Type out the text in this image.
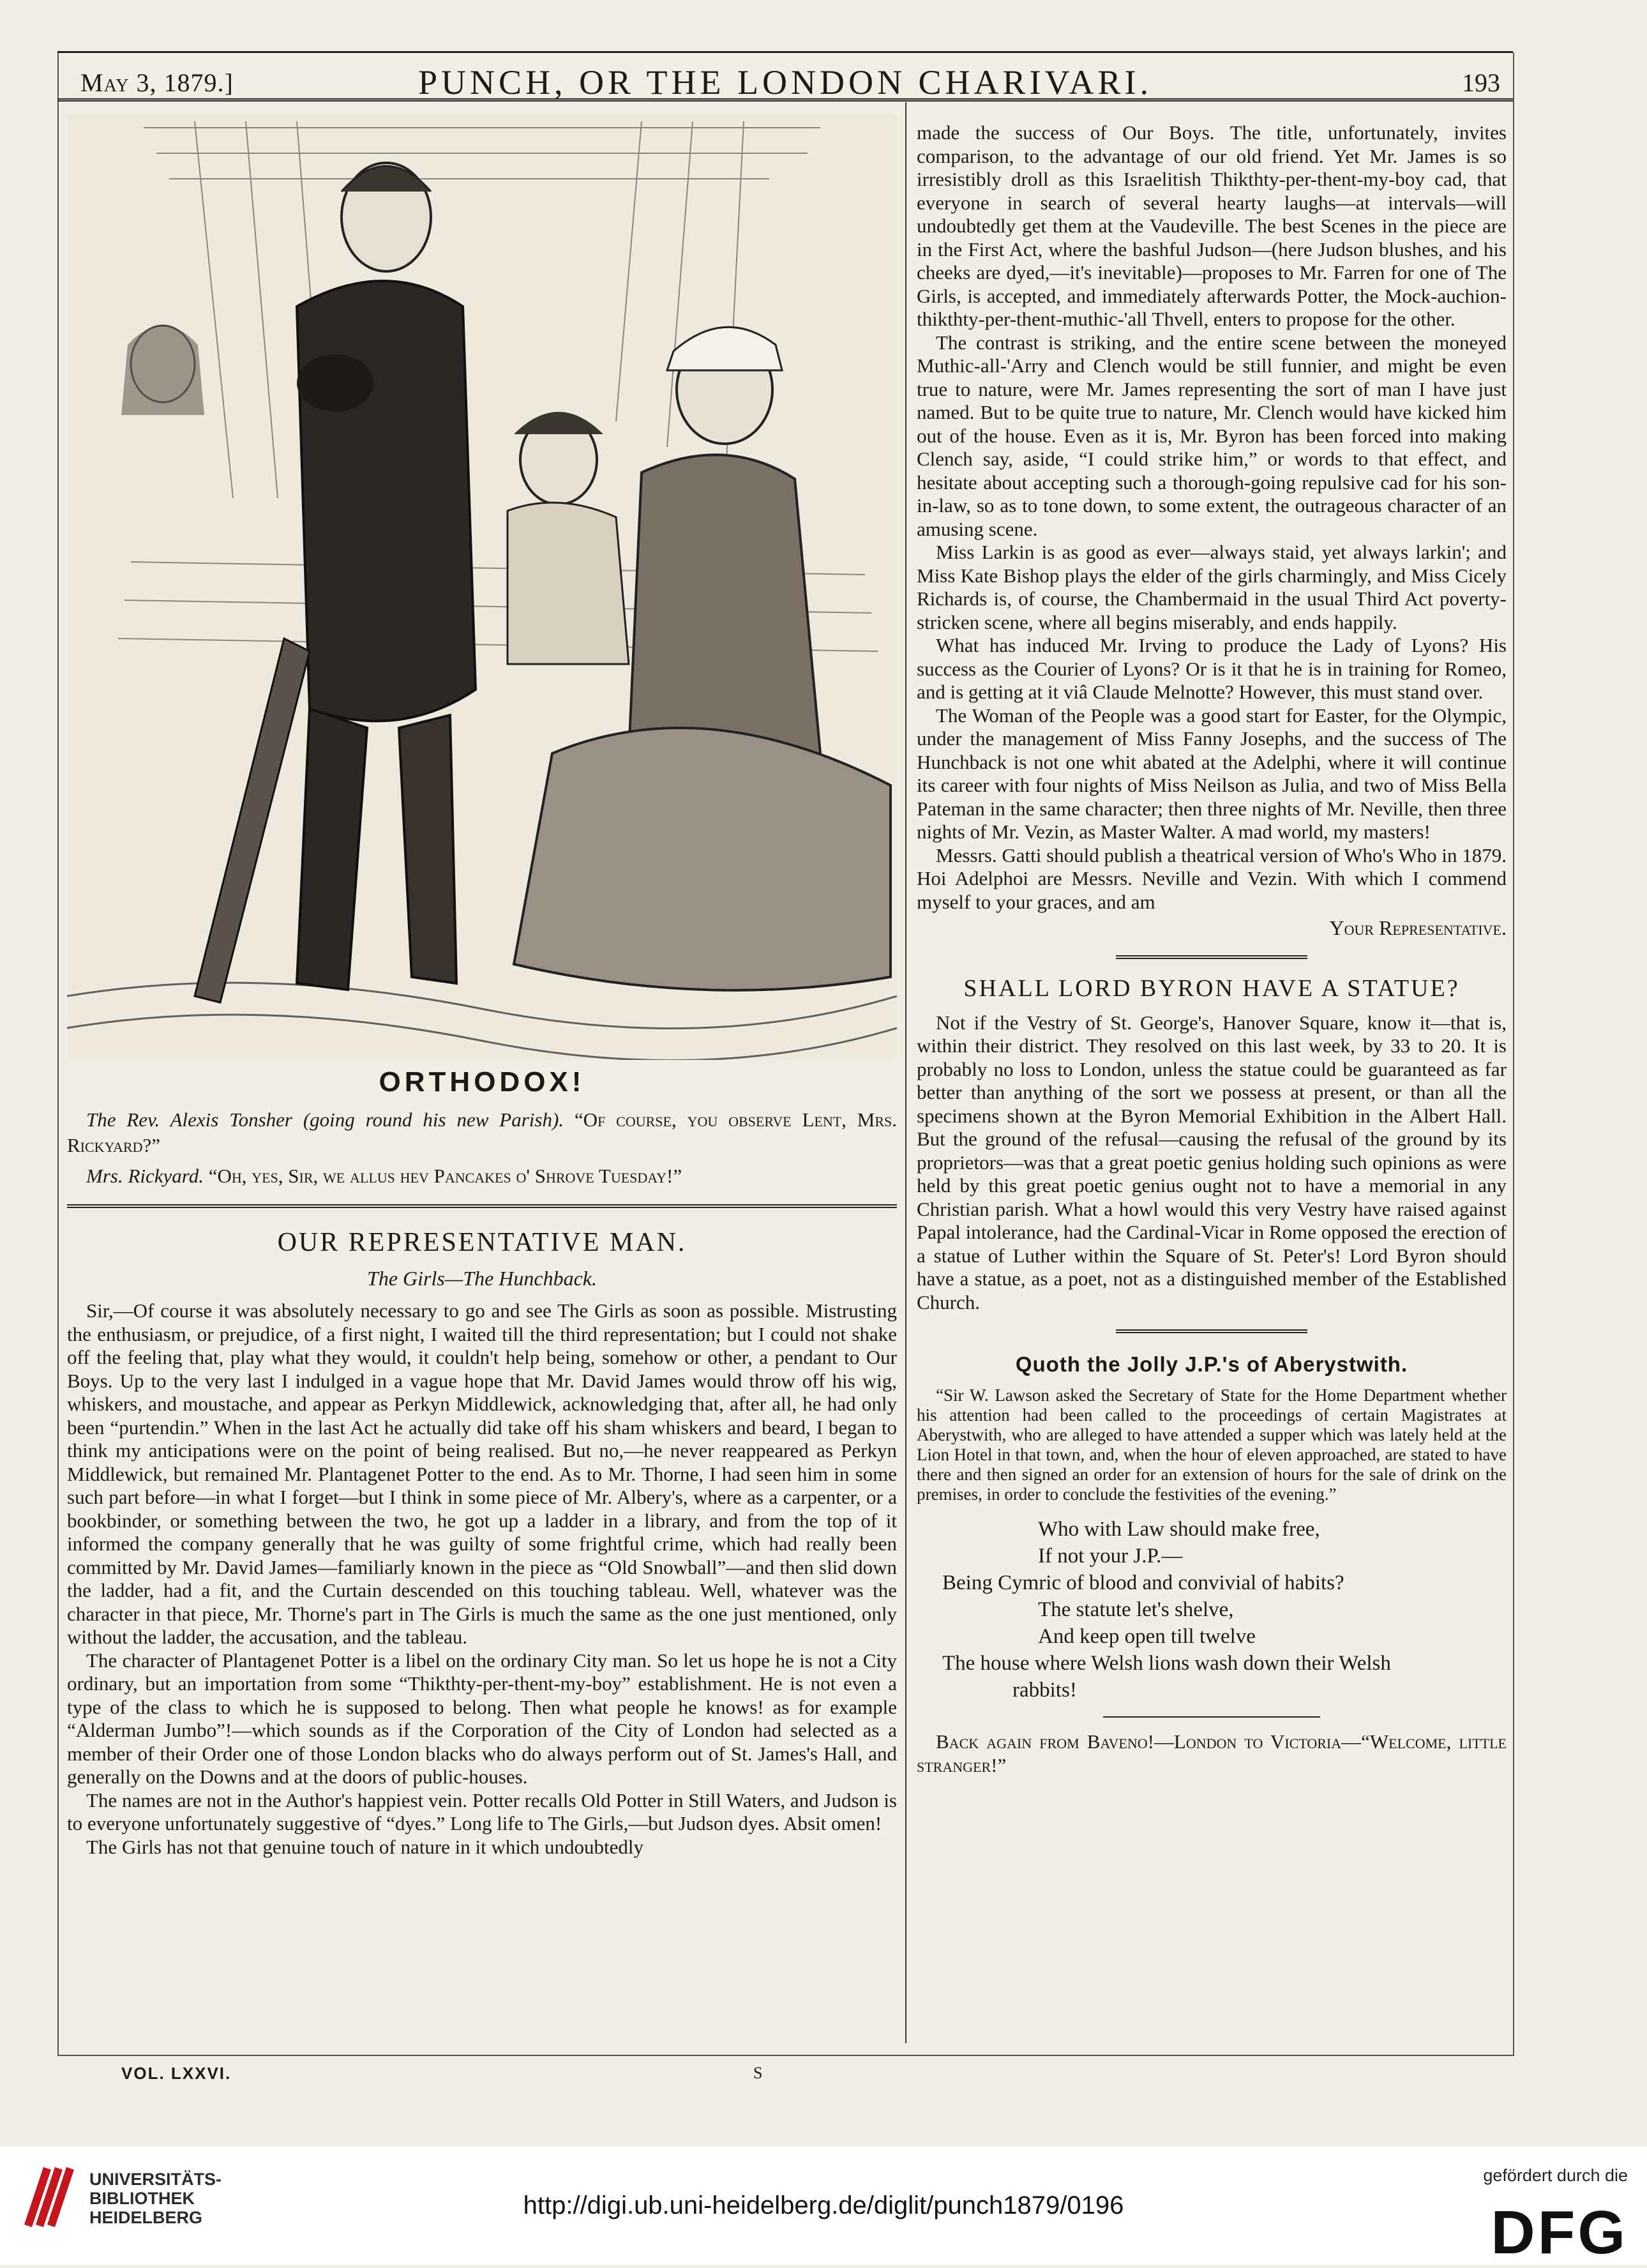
May 3, 1879.]	PUNCH, OR THE LONDON CHARIVARI.	193
ORTHODOX!

The Rev. Alexis Tonsher (going round his new Parish). “Of course, you observe Lent, Mrs. Rickyard?”

Mrs. Rickyard. “Oh, yes, Sir, we allus hev Pancakes o' Shrove Tuesday!”

OUR REPRESENTATIVE MAN.
The Girls—The Hunchback.

Sir,—Of course it was absolutely necessary to go and see The Girls as soon as possible. Mistrusting the enthusiasm, or prejudice, of a first night, I waited till the third representation; but I could not shake off the feeling that, play what they would, it couldn't help being, somehow or other, a pendant to Our Boys. Up to the very last I indulged in a vague hope that Mr. David James would throw off his wig, whiskers, and moustache, and appear as Perkyn Middlewick, acknowledging that, after all, he had only been “purtendin.” When in the last Act he actually did take off his sham whiskers and beard, I began to think my anticipations were on the point of being realised. But no,—he never reappeared as Perkyn Middlewick, but remained Mr. Plantagenet Potter to the end. As to Mr. Thorne, I had seen him in some such part before—in what I forget—but I think in some piece of Mr. Albery's, where as a carpenter, or a bookbinder, or something between the two, he got up a ladder in a library, and from the top of it informed the company generally that he was guilty of some frightful crime, which had really been committed by Mr. David James—familiarly known in the piece as “Old Snowball”—and then slid down the ladder, had a fit, and the Curtain descended on this touching tableau. Well, whatever was the character in that piece, Mr. Thorne's part in The Girls is much the same as the one just mentioned, only without the ladder, the accusation, and the tableau.

The character of Plantagenet Potter is a libel on the ordinary City man. So let us hope he is not a City ordinary, but an importation from some “Thikthty-per-thent-my-boy” establishment. He is not even a type of the class to which he is supposed to belong. Then what people he knows! as for example “Alderman Jumbo”!—which sounds as if the Corporation of the City of London had selected as a member of their Order one of those London blacks who do always perform out of St. James's Hall, and generally on the Downs and at the doors of public-houses.

The names are not in the Author's happiest vein. Potter recalls Old Potter in Still Waters, and Judson is to everyone unfortunately suggestive of “dyes.” Long life to The Girls,—but Judson dyes. Absit omen!

The Girls has not that genuine touch of nature in it which undoubtedly

made the success of Our Boys. The title, unfortunately, invites comparison, to the advantage of our old friend. Yet Mr. James is so irresistibly droll as this Israelitish Thikthty-per-thent-my-boy cad, that everyone in search of several hearty laughs—at intervals—will undoubtedly get them at the Vaudeville. The best Scenes in the piece are in the First Act, where the bashful Judson—(here Judson blushes, and his cheeks are dyed,—it's inevitable)—proposes to Mr. Farren for one of The Girls, is accepted, and immediately afterwards Potter, the Mock-auchion-thikthty-per-thent-muthic-'all Thvell, enters to propose for the other.

The contrast is striking, and the entire scene between the moneyed Muthic-all-'Arry and Clench would be still funnier, and might be even true to nature, were Mr. James representing the sort of man I have just named. But to be quite true to nature, Mr. Clench would have kicked him out of the house. Even as it is, Mr. Byron has been forced into making Clench say, aside, “I could strike him,” or words to that effect, and hesitate about accepting such a thorough-going repulsive cad for his son-in-law, so as to tone down, to some extent, the outrageous character of an amusing scene.

Miss Larkin is as good as ever—always staid, yet always larkin'; and Miss Kate Bishop plays the elder of the girls charmingly, and Miss Cicely Richards is, of course, the Chambermaid in the usual Third Act poverty-stricken scene, where all begins miserably, and ends happily.

What has induced Mr. Irving to produce the Lady of Lyons? His success as the Courier of Lyons? Or is it that he is in training for Romeo, and is getting at it viâ Claude Melnotte? However, this must stand over.

The Woman of the People was a good start for Easter, for the Olympic, under the management of Miss Fanny Josephs, and the success of The Hunchback is not one whit abated at the Adelphi, where it will continue its career with four nights of Miss Neilson as Julia, and two of Miss Bella Pateman in the same character; then three nights of Mr. Neville, then three nights of Mr. Vezin, as Master Walter. A mad world, my masters!

Messrs. Gatti should publish a theatrical version of Who's Who in 1879. Hoi Adelphoi are Messrs. Neville and Vezin. With which I commend myself to your graces, and am

Your Representative.
SHALL LORD BYRON HAVE A STATUE?

Not if the Vestry of St. George's, Hanover Square, know it—that is, within their district. They resolved on this last week, by 33 to 20. It is probably no loss to London, unless the statue could be guaranteed as far better than anything of the sort we possess at present, or than all the specimens shown at the Byron Memorial Exhibition in the Albert Hall. But the ground of the refusal—causing the refusal of the ground by its proprietors—was that a great poetic genius holding such opinions as were held by this great poetic genius ought not to have a memorial in any Christian parish. What a howl would this very Vestry have raised against Papal intolerance, had the Cardinal-Vicar in Rome opposed the erection of a statue of Luther within the Square of St. Peter's! Lord Byron should have a statue, as a poet, not as a distinguished member of the Established Church.

Quoth the Jolly J.P.'s of Aberystwith.

“Sir W. Lawson asked the Secretary of State for the Home Department whether his attention had been called to the proceedings of certain Magistrates at Aberystwith, who are alleged to have attended a supper which was lately held at the Lion Hotel in that town, and, when the hour of eleven approached, are stated to have there and then signed an order for an extension of hours for the sale of drink on the premises, in order to conclude the festivities of the evening.”

Who with Law should make free,
If not your J.P.—
Being Cymric of blood and convivial of habits?
The statute let's shelve,
And keep open till twelve
The house where Welsh lions wash down their Welsh
rabbits!

Back again from Baveno!—London to Victoria—“Welcome, little stranger!”

VOL. LXXVI.	S
UNIVERSITÄTS-
BIBLIOTHEK
HEIDELBERG	http://digi.ub.uni-heidelberg.de/diglit/punch1879/0196
gefördert durch die
DFG
